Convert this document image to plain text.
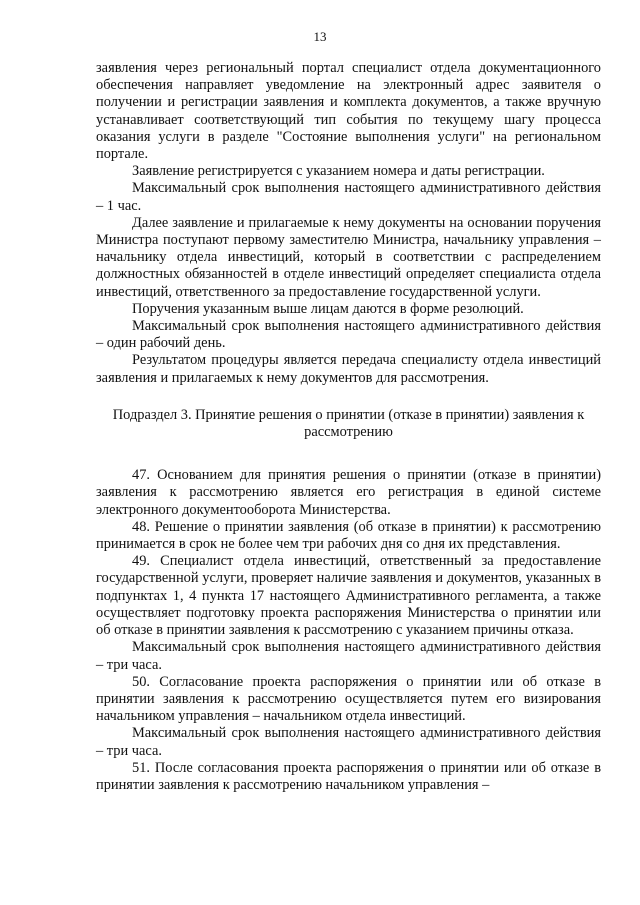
13

заявления через региональный портал специалист отдела документационного обеспечения направляет уведомление на электронный адрес заявителя о получении и регистрации заявления и комплекта документов, а также вручную устанавливает соответствующий тип события по текущему шагу процесса оказания услуги в разделе "Состояние выполнения услуги" на региональном портале.

Заявление регистрируется с указанием номера и даты регистрации.

Максимальный срок выполнения настоящего административного действия – 1 час.

Далее заявление и прилагаемые к нему документы на основании поручения Министра поступают первому заместителю Министра, начальнику управления – начальнику отдела инвестиций, который в соответствии с распределением должностных обязанностей в отделе инвестиций определяет специалиста отдела инвестиций, ответственного за предоставление государственной услуги.

Поручения указанным выше лицам даются в форме резолюций.

Максимальный срок выполнения настоящего административного действия – один рабочий день.

Результатом процедуры является передача специалисту отдела инвестиций заявления и прилагаемых к нему документов для рассмотрения.

Подраздел 3. Принятие решения о принятии (отказе в принятии) заявления к рассмотрению

47. Основанием для принятия решения о принятии (отказе в принятии) заявления к рассмотрению является его регистрация в единой системе электронного документооборота Министерства.

48. Решение о принятии заявления (об отказе в принятии) к рассмотрению принимается в срок не более чем три рабочих дня со дня их представления.

49. Специалист отдела инвестиций, ответственный за предоставление государственной услуги, проверяет наличие заявления и документов, указанных в подпунктах 1, 4 пункта 17 настоящего Административного регламента, а также осуществляет подготовку проекта распоряжения Министерства о принятии или об отказе в принятии заявления к рассмотрению с указанием причины отказа.

Максимальный срок выполнения настоящего административного действия – три часа.

50. Согласование проекта распоряжения о принятии или об отказе в принятии заявления к рассмотрению осуществляется путем его визирования начальником управления – начальником отдела инвестиций.

Максимальный срок выполнения настоящего административного действия – три часа.

51. После согласования проекта распоряжения о принятии или об отказе в принятии заявления к рассмотрению начальником управления –
